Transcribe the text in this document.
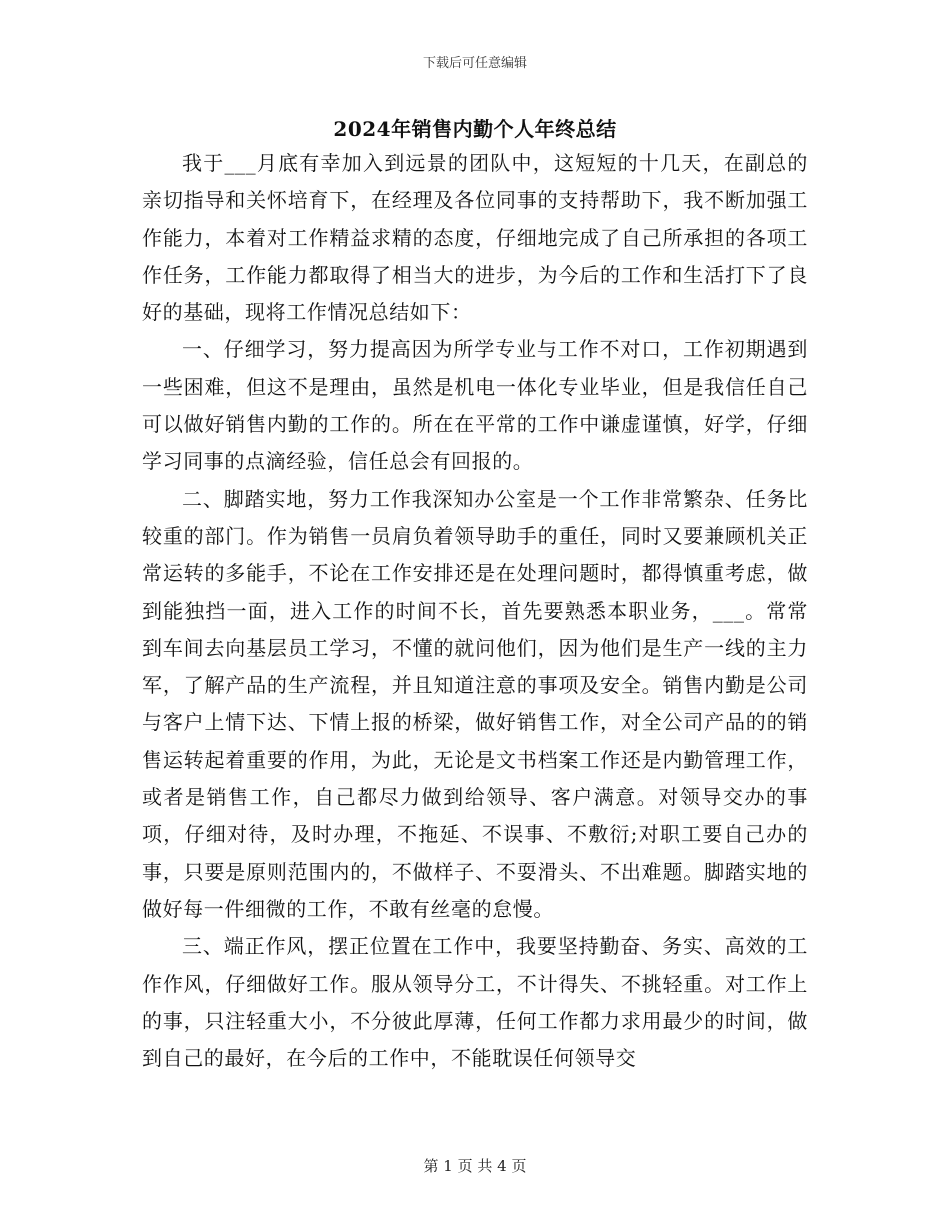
下载后可任意编辑
2024年销售内勤个人年终总结

我于___月底有幸加入到远景的团队中，这短短的十几天，在副总的亲切指导和关怀培育下，在经理及各位同事的支持帮助下，我不断加强工作能力，本着对工作精益求精的态度，仔细地完成了自己所承担的各项工作任务，工作能力都取得了相当大的进步，为今后的工作和生活打下了良好的基础，现将工作情况总结如下：

一、仔细学习，努力提高因为所学专业与工作不对口，工作初期遇到一些困难，但这不是理由，虽然是机电一体化专业毕业，但是我信任自己可以做好销售内勤的工作的。所在在平常的工作中谦虚谨慎，好学，仔细学习同事的点滴经验，信任总会有回报的。

二、脚踏实地，努力工作我深知办公室是一个工作非常繁杂、任务比较重的部门。作为销售一员肩负着领导助手的重任，同时又要兼顾机关正常运转的多能手，不论在工作安排还是在处理问题时，都得慎重考虑，做到能独挡一面，进入工作的时间不长，首先要熟悉本职业务，___。常常到车间去向基层员工学习，不懂的就问他们，因为他们是生产一线的主力军，了解产品的生产流程，并且知道注意的事项及安全。销售内勤是公司与客户上情下达、下情上报的桥梁，做好销售工作，对全公司产品的的销售运转起着重要的作用，为此，无论是文书档案工作还是内勤管理工作，或者是销售工作，自己都尽力做到给领导、客户满意。对领导交办的事项，仔细对待，及时办理，不拖延、不误事、不敷衍;对职工要自己办的事，只要是原则范围内的，不做样子、不耍滑头、不出难题。脚踏实地的做好每一件细微的工作，不敢有丝毫的怠慢。

三、端正作风，摆正位置在工作中，我要坚持勤奋、务实、高效的工作作风，仔细做好工作。服从领导分工，不计得失、不挑轻重。对工作上的事，只注轻重大小，不分彼此厚薄，任何工作都力求用最少的时间，做到自己的最好，在今后的工作中，不能耽误任何领导交

第 1 页 共 4 页
